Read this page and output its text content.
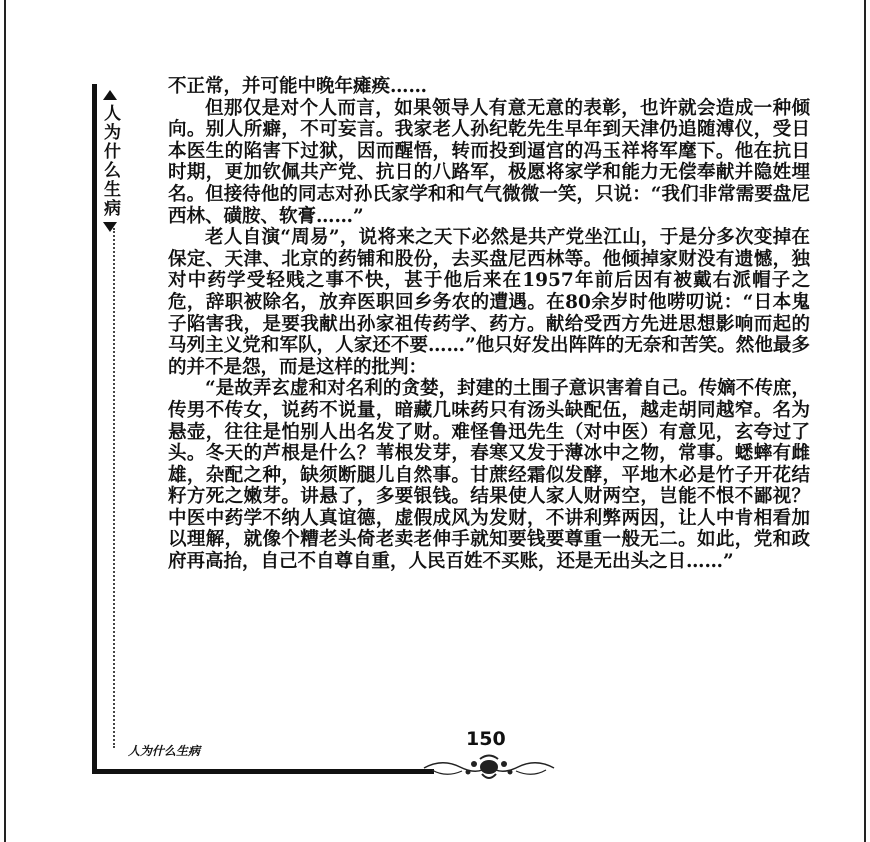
人为什么生病

不正常，并可能中晚年瘫痪……

但那仅是对个人而言，如果领导人有意无意的表彰，也许就会造成一种倾向。别人所癖，不可妄言。我家老人孙纪乾先生早年到天津仍追随溥仪，受日本医生的陷害下过狱，因而醒悟，转而投到逼宫的冯玉祥将军麾下。他在抗日时期，更加钦佩共产党、抗日的八路军，极愿将家学和能力无偿奉献并隐姓埋名。但接待他的同志对孙氏家学和和气气微微一笑，只说：“我们非常需要盘尼西林、磺胺、软膏……”

老人自演“周易”，说将来之天下必然是共产党坐江山，于是分多次变掉在保定、天津、北京的药铺和股份，去买盘尼西林等。他倾掉家财没有遗憾，独对中药学受轻贱之事不快，甚于他后来在1957年前后因有被戴右派帽子之危，辞职被除名，放弃医职回乡务农的遭遇。在80余岁时他唠叨说：“日本鬼子陷害我，是要我献出孙家祖传药学、药方。献给受西方先进思想影响而起的马列主义党和军队，人家还不要……”他只好发出阵阵的无奈和苦笑。然他最多的并不是怨，而是这样的批判：

“是故弄玄虚和对名利的贪婪，封建的土围子意识害着自己。传嫡不传庶，传男不传女，说药不说量，暗藏几味药只有汤头缺配伍，越走胡同越窄。名为悬壶，往往是怕别人出名发了财。难怪鲁迅先生（对中医）有意见，玄夸过了头。冬天的芦根是什么？苇根发芽，春寒又发于薄冰中之物，常事。蟋蟀有雌雄，杂配之种，缺须断腿儿自然事。甘蔗经霜似发酵，平地木必是竹子开花结籽方死之嫩芽。讲悬了，多要银钱。结果使人家人财两空，岂能不恨不鄙视？中医中药学不纳人真谊德，虚假成风为发财，不讲利弊两因，让人中肯相看加以理解，就像个糟老头倚老卖老伸手就知要钱要尊重一般无二。如此，党和政府再高抬，自己不自尊自重，人民百姓不买账，还是无出头之日……”

人为什么生病
150
